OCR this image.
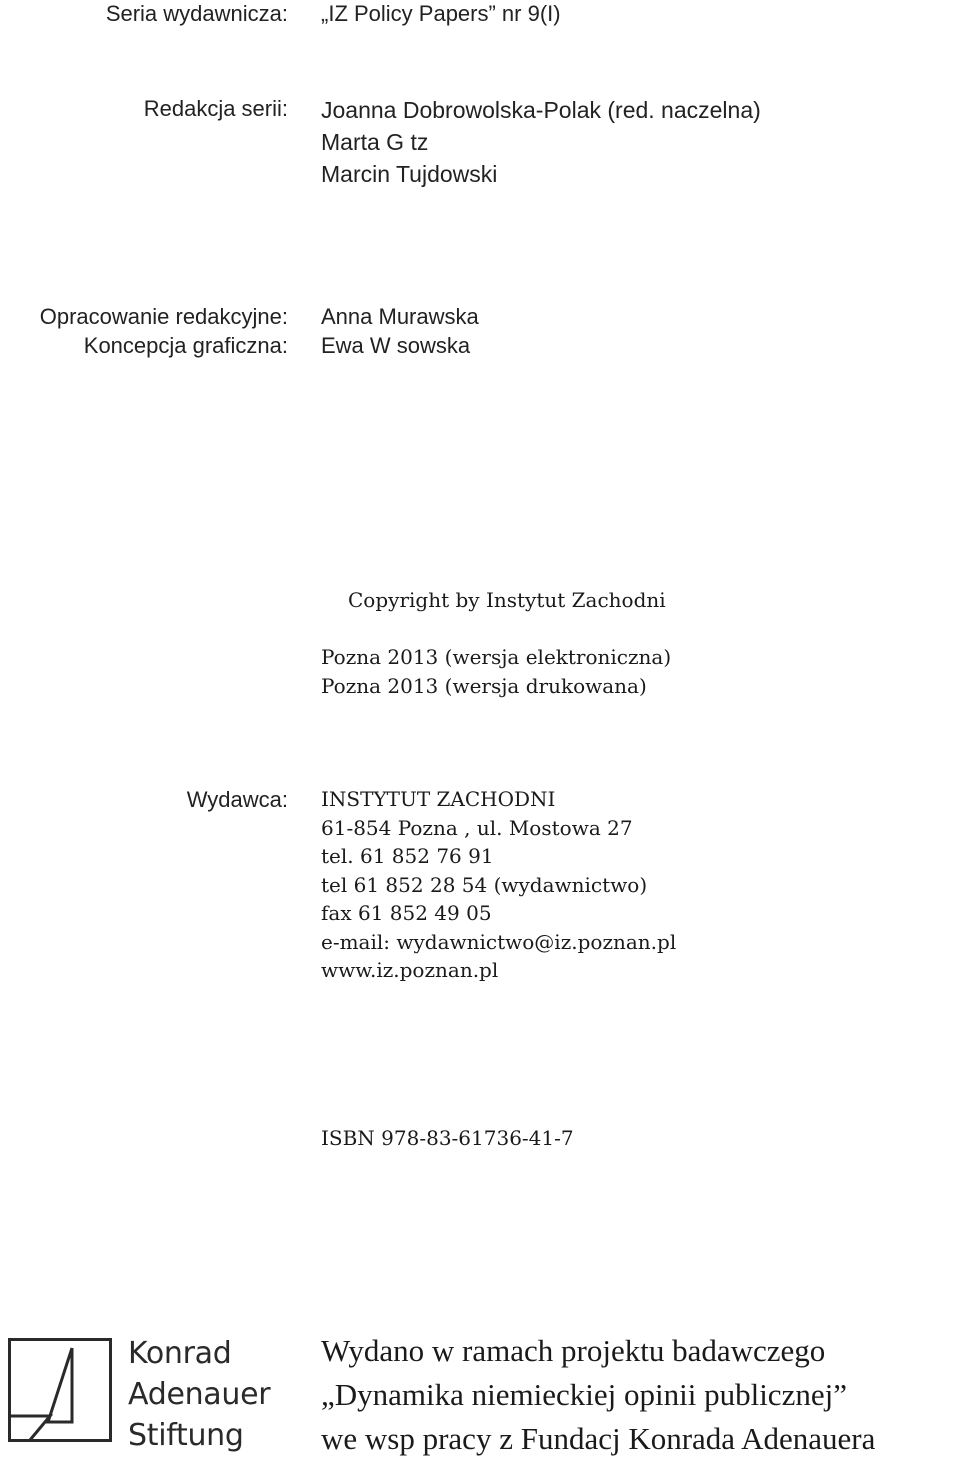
Seria wydawnicza: „IZ Policy Papers” nr 9(I)
Redakcja serii: Joanna Dobrowolska-Polak (red. naczelna)
Marta G tz
Marcin Tujdowski
Opracowanie redakcyjne: Anna Murawska
Koncepcja graficzna: Ewa W sowska
Copyright by Instytut Zachodni
Pozna 2013 (wersja elektroniczna)
Pozna 2013 (wersja drukowana)
Wydawca: INSTYTUT ZACHODNI
61-854 Pozna , ul. Mostowa 27
tel. 61 852 76 91
tel 61 852 28 54 (wydawnictwo)
fax 61 852 49 05
e-mail: wydawnictwo@iz.poznan.pl
www.iz.poznan.pl
ISBN 978-83-61736-41-7
Konrad
Adenauer
Stiftung
Wydano w ramach projektu badawczego
„Dynamika niemieckiej opinii publicznej”
we wsp pracy z Fundacj Konrada Adenauera
